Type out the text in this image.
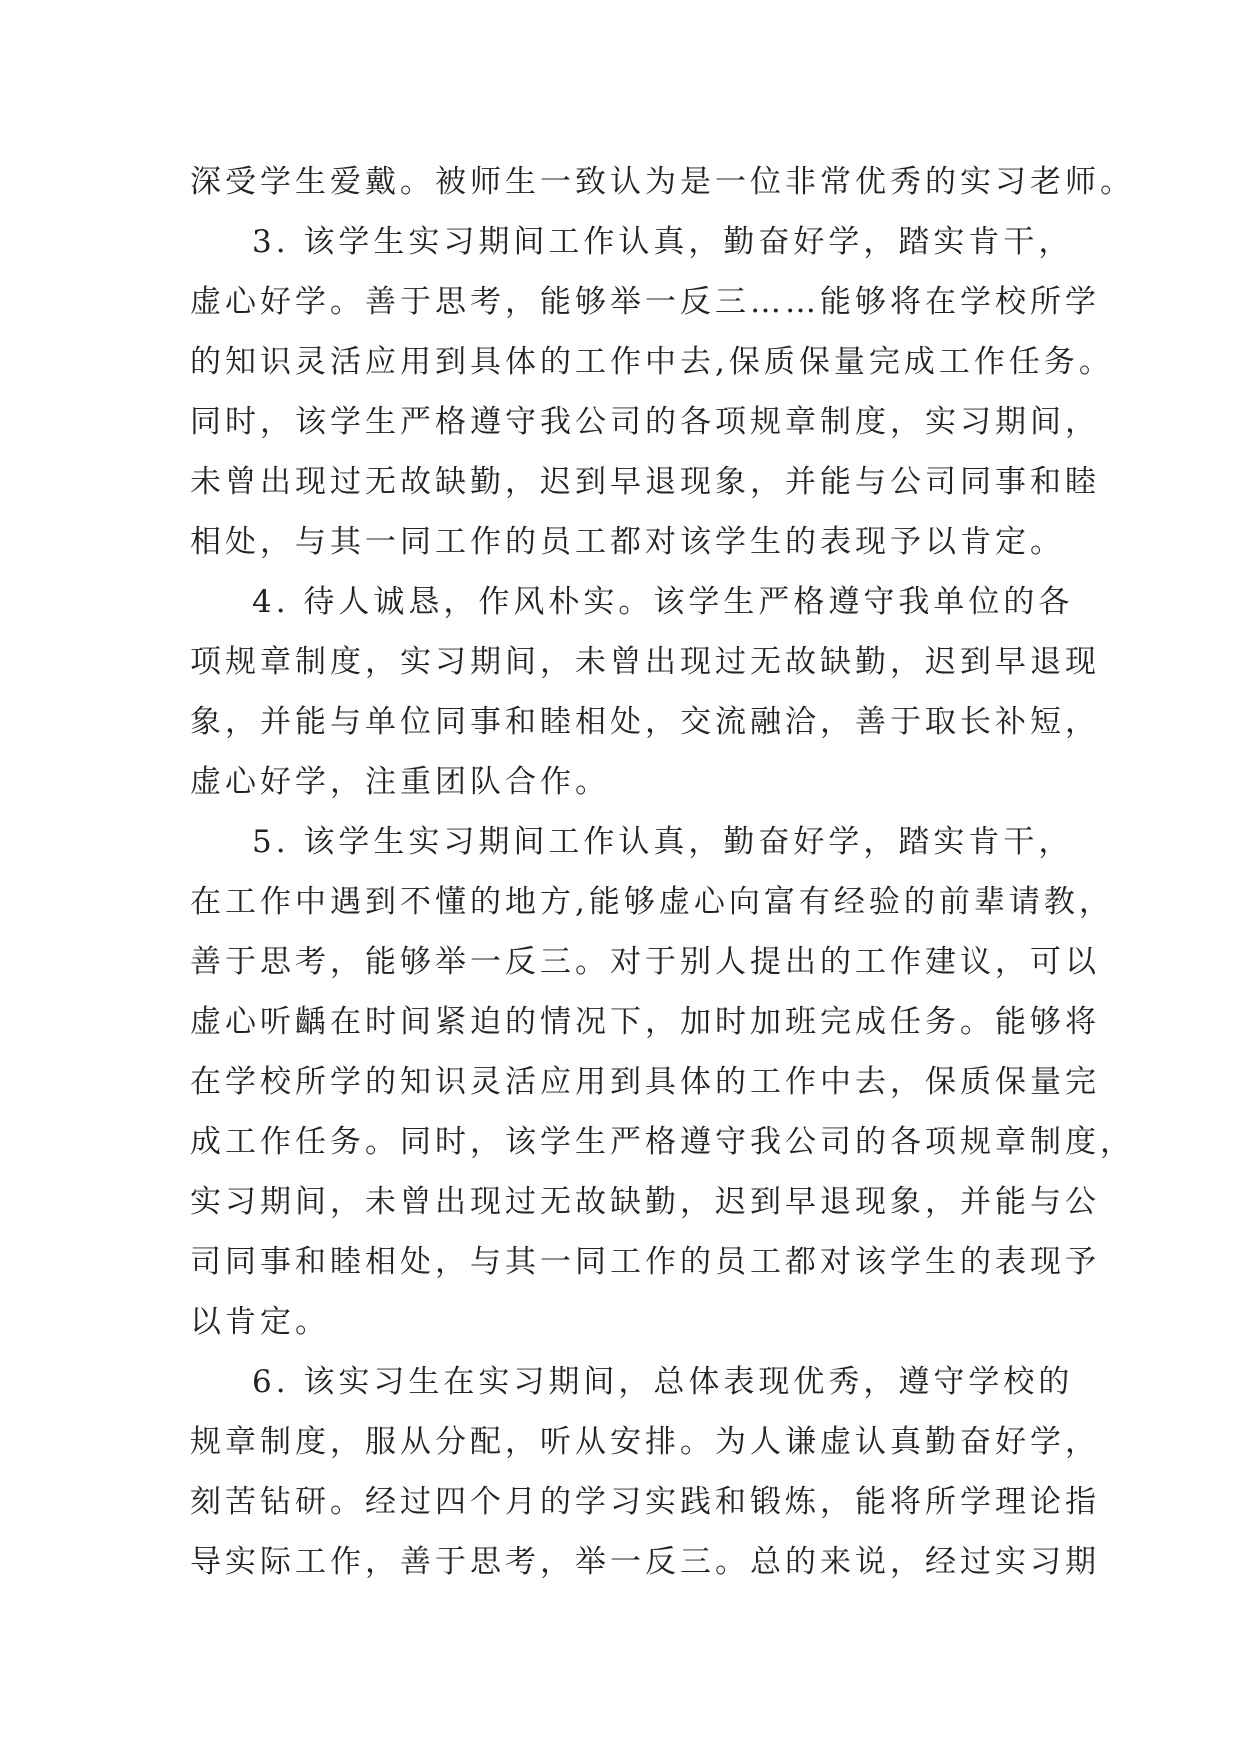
深受学生爱戴。被师生一致认为是一位非常优秀的实习老师。
3. 该学生实习期间工作认真，勤奋好学，踏实肯干，
虚心好学。善于思考，能够举一反三……能够将在学校所学
的知识灵活应用到具体的工作中去,保质保量完成工作任务。
同时，该学生严格遵守我公司的各项规章制度，实习期间，
未曾出现过无故缺勤，迟到早退现象，并能与公司同事和睦
相处，与其一同工作的员工都对该学生的表现予以肯定。
4. 待人诚恳，作风朴实。该学生严格遵守我单位的各
项规章制度，实习期间，未曾出现过无故缺勤，迟到早退现
象，并能与单位同事和睦相处，交流融洽，善于取长补短，
虚心好学，注重团队合作。
5. 该学生实习期间工作认真，勤奋好学，踏实肯干，
在工作中遇到不懂的地方,能够虚心向富有经验的前辈请教，
善于思考，能够举一反三。对于别人提出的工作建议，可以
虚心听齲在时间紧迫的情况下，加时加班完成任务。能够将
在学校所学的知识灵活应用到具体的工作中去，保质保量完
成工作任务。同时，该学生严格遵守我公司的各项规章制度，
实习期间，未曾出现过无故缺勤，迟到早退现象，并能与公
司同事和睦相处，与其一同工作的员工都对该学生的表现予
以肯定。
6. 该实习生在实习期间，总体表现优秀，遵守学校的
规章制度，服从分配，听从安排。为人谦虚认真勤奋好学，
刻苦钻研。经过四个月的学习实践和锻炼，能将所学理论指
导实际工作，善于思考，举一反三。总的来说，经过实习期
